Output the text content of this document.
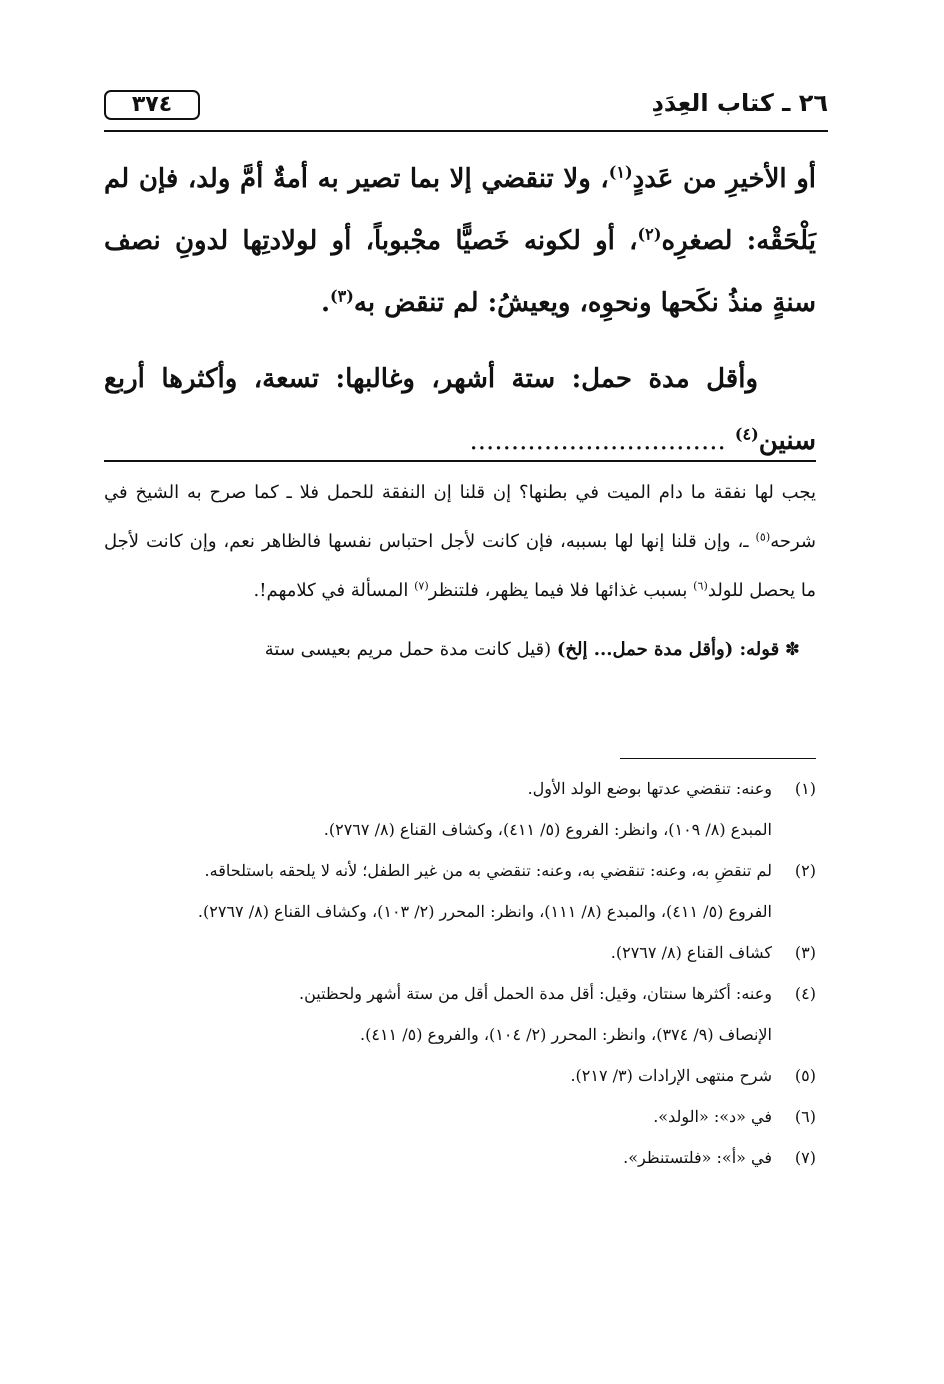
٢٦ ـ كتاب العِدَدِ
٣٧٤

أو الأخيرِ من عَددٍ$^{(١)}$، ولا تنقضي إلا بما تصير به أمةٌ أمَّ ولد، فإن لم يَلْحَقْه: لصغرِه$^{(٢)}$، أو لكونه خَصيًّا مجْبوباً، أو لولادتِها لدونِ نصف سنةٍ منذُ نكَحها ونحوِه، ويعيشُ: لم تنقض به$^{(٣)}$.

وأقل مدة حمل: ستة أشهر، وغالبها: تسعة، وأكثرها أربع سنين$^{(٤)}$ ...............................

يجب لها نفقة ما دام الميت في بطنها؟ إن قلنا إن النفقة للحمل فلا ـ كما صرح به الشيخ في شرحه$^{(٥)}$ ـ، وإن قلنا إنها لها بسببه، فإن كانت لأجل احتباس نفسها فالظاهر نعم، وإن كانت لأجل ما يحصل للولد$^{(٦)}$ بسبب غذائها فلا فيما يظهر، فلتنظر$^{(٧)}$ المسألة في كلامهم!.

✽ قوله: (وأقل مدة حمل... إلخ) (قيل كانت مدة حمل مريم بعيسى ستة

(١)
وعنه: تنقضي عدتها بوضع الولد الأول.
المبدع (٨/ ١٠٩)، وانظر: الفروع (٥/ ٤١١)، وكشاف القناع (٨/ ٢٧٦٧).
(٢)
لم تنقضِ به، وعنه: تنقضي به، وعنه: تنقضي به من غير الطفل؛ لأنه لا يلحقه باستلحاقه.
الفروع (٥/ ٤١١)، والمبدع (٨/ ١١١)، وانظر: المحرر (٢/ ١٠٣)، وكشاف القناع (٨/ ٢٧٦٧).
(٣)
كشاف القناع (٨/ ٢٧٦٧).
(٤)
وعنه: أكثرها سنتان، وقيل: أقل مدة الحمل أقل من ستة أشهر ولحظتين.
الإنصاف (٩/ ٣٧٤)، وانظر: المحرر (٢/ ١٠٤)، والفروع (٥/ ٤١١).
(٥)
شرح منتهى الإرادات (٣/ ٢١٧).
(٦)
في «د»: «الولد».
(٧)
في «أ»: «فلتستنظر».
